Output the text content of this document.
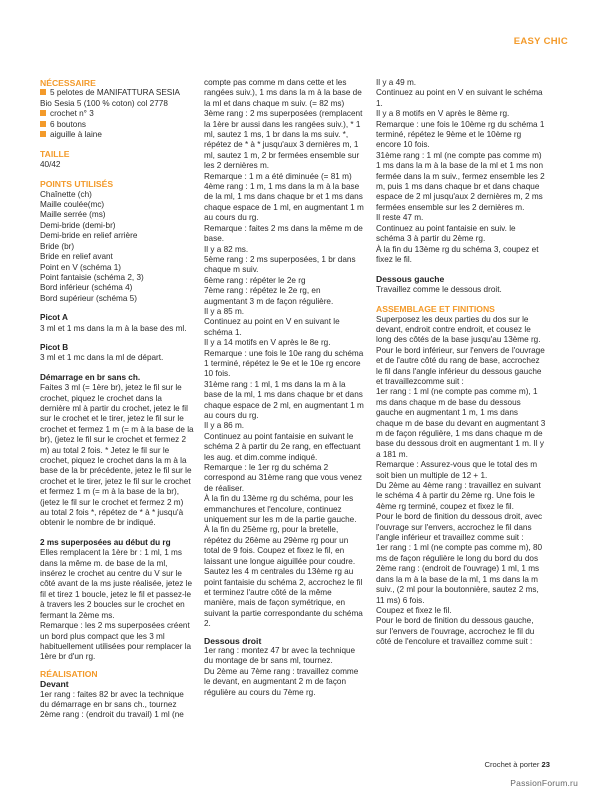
EASY CHIC

NÉCESSAIRE

5 pelotes de MANIFATTURA SESIA

Bio Sesia 5 (100 % coton) col 2778

crochet n° 3

6 boutons

aiguille à laine

TAILLE

40/42

POINTS UTILISÉS

Chaînette (ch)

Maille coulée(mc)

Maille serrée (ms)

Demi-bride (demi-br)

Demi-bride en relief arrière

Bride (br)

Bride en relief avant

Point en V (schéma 1)

Point fantaisie (schéma 2, 3)

Bord inférieur (schéma 4)

Bord supérieur (schéma 5)

Picot A

3 ml et 1 ms dans la m à la base des ml.

Picot B

3 ml et 1 mc dans la ml de départ.

Démarrage en br sans ch.

Faites 3 ml (= 1ère br), jetez le fil sur le crochet, piquez le crochet dans la dernière ml à partir du crochet, jetez le fil sur le crochet et le tirer, jetez le fil sur le crochet et fermez 1 m (= m à la base de la br), (jetez le fil sur le crochet et fermez 2 m) au total 2 fois. * Jetez le fil sur le crochet, piquez le crochet dans la m à la base de la br précédente, jetez le fil sur le crochet et le tirer, jetez le fil sur le crochet et fermez 1 m (= m à la base de la br), (jetez le fil sur le crochet et fermez 2 m) au total 2 fois *, répétez de * à * jusqu'à obtenir le nombre de br indiqué.

2 ms superposées au début du rg

Elles remplacent la 1ère br : 1 ml, 1 ms dans la même m. de base de la ml, insérez le crochet au centre du V sur le côté avant de la ms juste réalisée, jetez le fil et tirez 1 boucle, jetez le fil et passez-le à travers les 2 boucles sur le crochet en fermant la 2ème ms.

Remarque : les 2 ms superposées créent un bord plus compact que les 3 ml habituellement utilisées pour remplacer la 1ère br d'un rg.

RÉALISATION

Devant

1er rang : faites 82 br avec la technique du démarrage en br sans ch., tournez

2ème rang : (endroit du travail) 1 ml (ne

compte pas comme m dans cette et les rangées suiv.), 1 ms dans la m à la base de la ml et dans chaque m suiv. (= 82 ms)

3ème rang : 2 ms superposées (remplacent la 1ère br aussi dans les rangées suiv.), * 1 ml, sautez 1 ms, 1 br dans la ms suiv. *, répétez de * à * jusqu'aux 3 dernières m, 1 ml, sautez 1 m, 2 br fermées ensemble sur les 2 dernières m.

Remarque : 1 m a été diminuée (= 81 m)

4ème rang : 1 m, 1 ms dans la m à la base de la ml, 1 ms dans chaque br et 1 ms dans chaque espace de 1 ml, en augmentant 1 m au cours du rg.

Remarque : faites 2 ms dans la même m de base.

Il y a 82 ms.

5ème rang : 2 ms superposées, 1 br dans chaque m suiv.

6ème rang : répéter le 2e rg

7ème rang : répétez le 2e rg, en augmentant 3 m de façon régulière.

Il y a 85 m.

Continuez au point en V en suivant le schéma 1.

Il y a 14 motifs en V après le 8e rg.

Remarque : une fois le 10e rang du schéma 1 terminé, répétez le 9e et le 10e rg encore 10 fois.

31ème rang : 1 ml, 1 ms dans la m à la base de la ml, 1 ms dans chaque br et dans chaque espace de 2 ml, en augmentant 1 m au cours du rg.

Il y a 86 m.

Continuez au point fantaisie en suivant le schéma 2 à partir du 2e rang, en effectuant les aug. et dim.comme indiqué.

Remarque : le 1er rg du schéma 2 correspond au 31ème rang que vous venez de réaliser.

À la fin du 13ème rg du schéma, pour les emmanchures et l'encolure, continuez uniquement sur les m de la partie gauche.

À la fin du 25ème rg, pour la bretelle, répétez du 26ème au 29ème rg pour un total de 9 fois. Coupez et fixez le fil, en laissant une longue aiguillée pour coudre.

Sautez les 4 m centrales du 13ème rg au point fantaisie du schéma 2, accrochez le fil et terminez l'autre côté de la même manière, mais de façon symétrique, en suivant la partie correspondante du schéma 2.

Dessous droit

1er rang : montez 47 br avec la technique du montage de br sans ml, tournez.

Du 2ème au 7ème rang : travaillez comme le devant, en augmentant 2 m de façon régulière au cours du 7ème rg.

Il y a 49 m.

Continuez au point en V en suivant le schéma 1.

Il y a 8 motifs en V après le 8ème rg.

Remarque : une fois le 10ème rg du schéma 1 terminé, répétez le 9ème et le 10ème rg encore 10 fois.

31ème rang : 1 ml (ne compte pas comme m) 1 ms dans la m à la base de la ml et 1 ms non fermée dans la m suiv., fermez ensemble les 2 m, puis 1 ms dans chaque br et dans chaque espace de 2 ml jusqu'aux 2 dernières m, 2 ms fermées ensemble sur les 2 dernières m.

Il reste 47 m.

Continuez au point fantaisie en suiv. le schéma 3 à partir du 2ème rg.

À la fin du 13ème rg du schéma 3, coupez et fixez le fil.

Dessous gauche

Travaillez comme le dessous droit.

ASSEMBLAGE ET FINITIONS

Superposez les deux parties du dos sur le devant, endroit contre endroit, et cousez le long des côtés de la base jusqu'au 13ème rg.

Pour le bord inférieur, sur l'envers de l'ouvrage et de l'autre côté du rang de base, accrochez le fil dans l'angle inférieur du dessous gauche et travaillezcomme suit :

1er rang : 1 ml (ne compte pas comme m), 1 ms dans chaque m de base du dessous gauche en augmentant 1 m, 1 ms dans chaque m de base du devant en augmentant 3 m de façon régulière, 1 ms dans chaque m de base du dessous droit en augmentant 1 m. Il y a 181 m.

Remarque : Assurez-vous que le total des m soit bien un multiple de 12 + 1.

Du 2ème au 4ème rang : travaillez en suivant le schéma 4 à partir du 2ème rg. Une fois le 4ème rg terminé, coupez et fixez le fil.

Pour le bord de finition du dessous droit, avec l'ouvrage sur l'envers, accrochez le fil dans l'angle inférieur et travaillez comme suit :

1er rang : 1 ml (ne compte pas comme m), 80 ms de façon régulière le long du bord du dos

2ème rang : (endroit de l'ouvrage) 1 ml, 1 ms dans la m à la base de la ml, 1 ms dans la m suiv., (2 ml pour la boutonnière, sautez 2 ms, 11 ms) 6 fois.

Coupez et fixez le fil.

Pour le bord de finition du dessous gauche, sur l'envers de l'ouvrage, accrochez le fil du côté de l'encolure et travaillez comme suit :

Crochet à porter 23
PassionForum.ru
